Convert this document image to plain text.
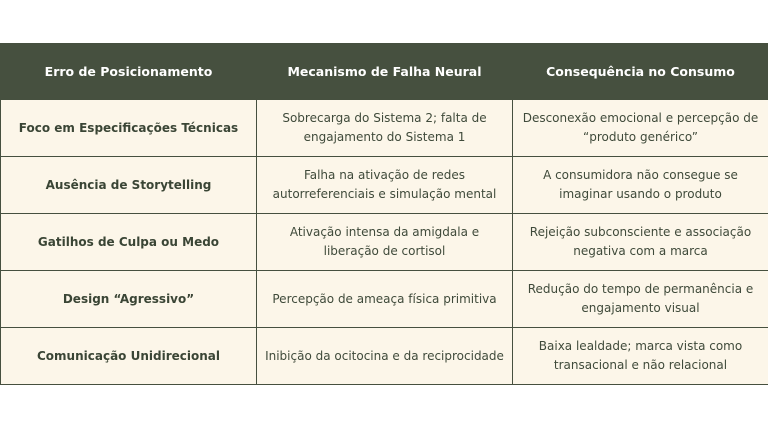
Erro de Posicionamento	Mecanismo de Falha Neural	Consequência no Consumo
Foco em Especificações Técnicas	Sobrecarga do Sistema 2; falta de engajamento do Sistema 1	Desconexão emocional e percepção de “produto genérico”
Ausência de Storytelling	Falha na ativação de redes autorreferenciais e simulação mental	A consumidora não consegue se imaginar usando o produto
Gatilhos de Culpa ou Medo	Ativação intensa da amigdala e liberação de cortisol	Rejeição subconsciente e associação negativa com a marca
Design “Agressivo”	Percepção de ameaça física primitiva	Redução do tempo de permanência e engajamento visual
Comunicação Unidirecional	Inibição da ocitocina e da reciprocidade	Baixa lealdade; marca vista como transacional e não relacional
